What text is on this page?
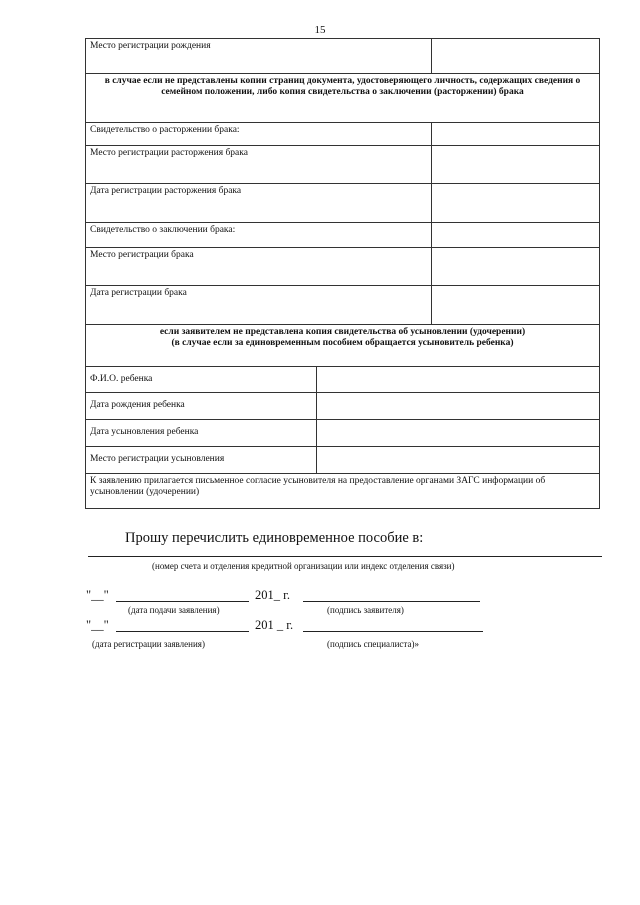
15
Место регистрации рождения		
в случае если не представлены копии страниц документа, удостоверяющего личность, содержащих сведения о семейном положении, либо копия свидетельства о заключении (расторжении) брака		
Свидетельство о расторжении брака:		
Место регистрации расторжения брака		
Дата регистрации расторжения брака		
Свидетельство о заключении брака:		
Место регистрации брака		
Дата регистрации брака		

если заявителем не представлена копия свидетельства об усыновлении (удочерении)
(в случае если за единовременным пособием обращается усыновитель ребенка)		

Ф.И.О. ребенка		
Дата рождения ребенка		
Дата усыновления ребенка		
Место регистрации усыновления		
К заявлению прилагается письменное согласие усыновителя на предоставление органами ЗАГС информации об усыновлении (удочерении)		
Прошу перечислить единовременное пособие в:
(номер счета и отделения кредитной организации или индекс отделения связи)
"__"	201_ г.
(дата подачи заявления)	(подпись заявителя)
"__"	201 _ г.
(дата регистрации заявления)	(подпись специалиста)»
